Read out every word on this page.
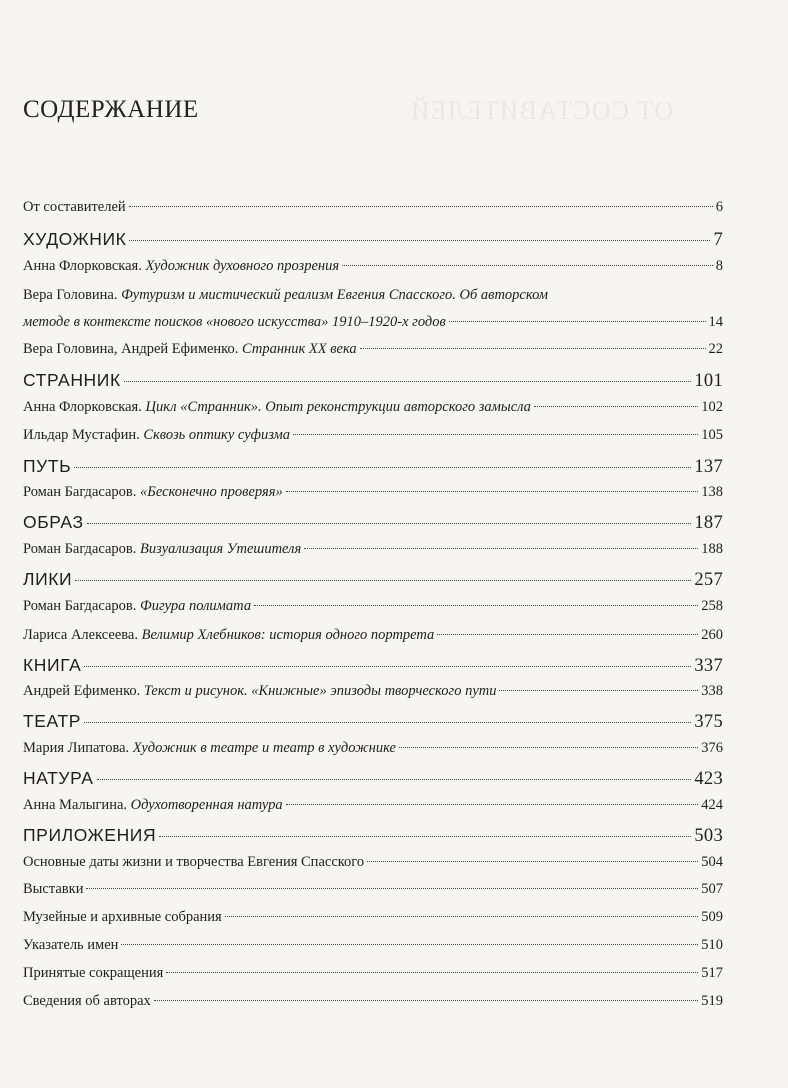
ОТ СОСТАВИТЕЛЕЙ
СОДЕРЖАНИЕ
От составителей	6
ХУДОЖНИК	7
Анна Флорковская. Художник духовного прозрения	8
Вера Головина. Футуризм и мистический реализм Евгения Спасского. Об авторском
методе в контексте поисков «нового искусства» 1910–1920-х годов	14
Вера Головина, Андрей Ефименко. Странник XX века	22
СТРАННИК	101
Анна Флорковская. Цикл «Странник». Опыт реконструкции авторского замысла	102
Ильдар Мустафин. Сквозь оптику суфизма	105
ПУТЬ	137
Роман Багдасаров. «Бесконечно проверяя»	138
ОБРАЗ	187
Роман Багдасаров. Визуализация Утешителя	188
ЛИКИ	257
Роман Багдасаров. Фигура полимата	258
Лариса Алексеева. Велимир Хлебников: история одного портрета	260
КНИГА	337
Андрей Ефименко. Текст и рисунок. «Книжные» эпизоды творческого пути	338
ТЕАТР	375
Мария Липатова. Художник в театре и театр в художнике	376
НАТУРА	423
Анна Малыгина. Одухотворенная натура	424
ПРИЛОЖЕНИЯ	503
Основные даты жизни и творчества Евгения Спасского	504
Выставки	507
Музейные и архивные собрания	509
Указатель имен	510
Принятые сокращения	517
Сведения об авторах	519
